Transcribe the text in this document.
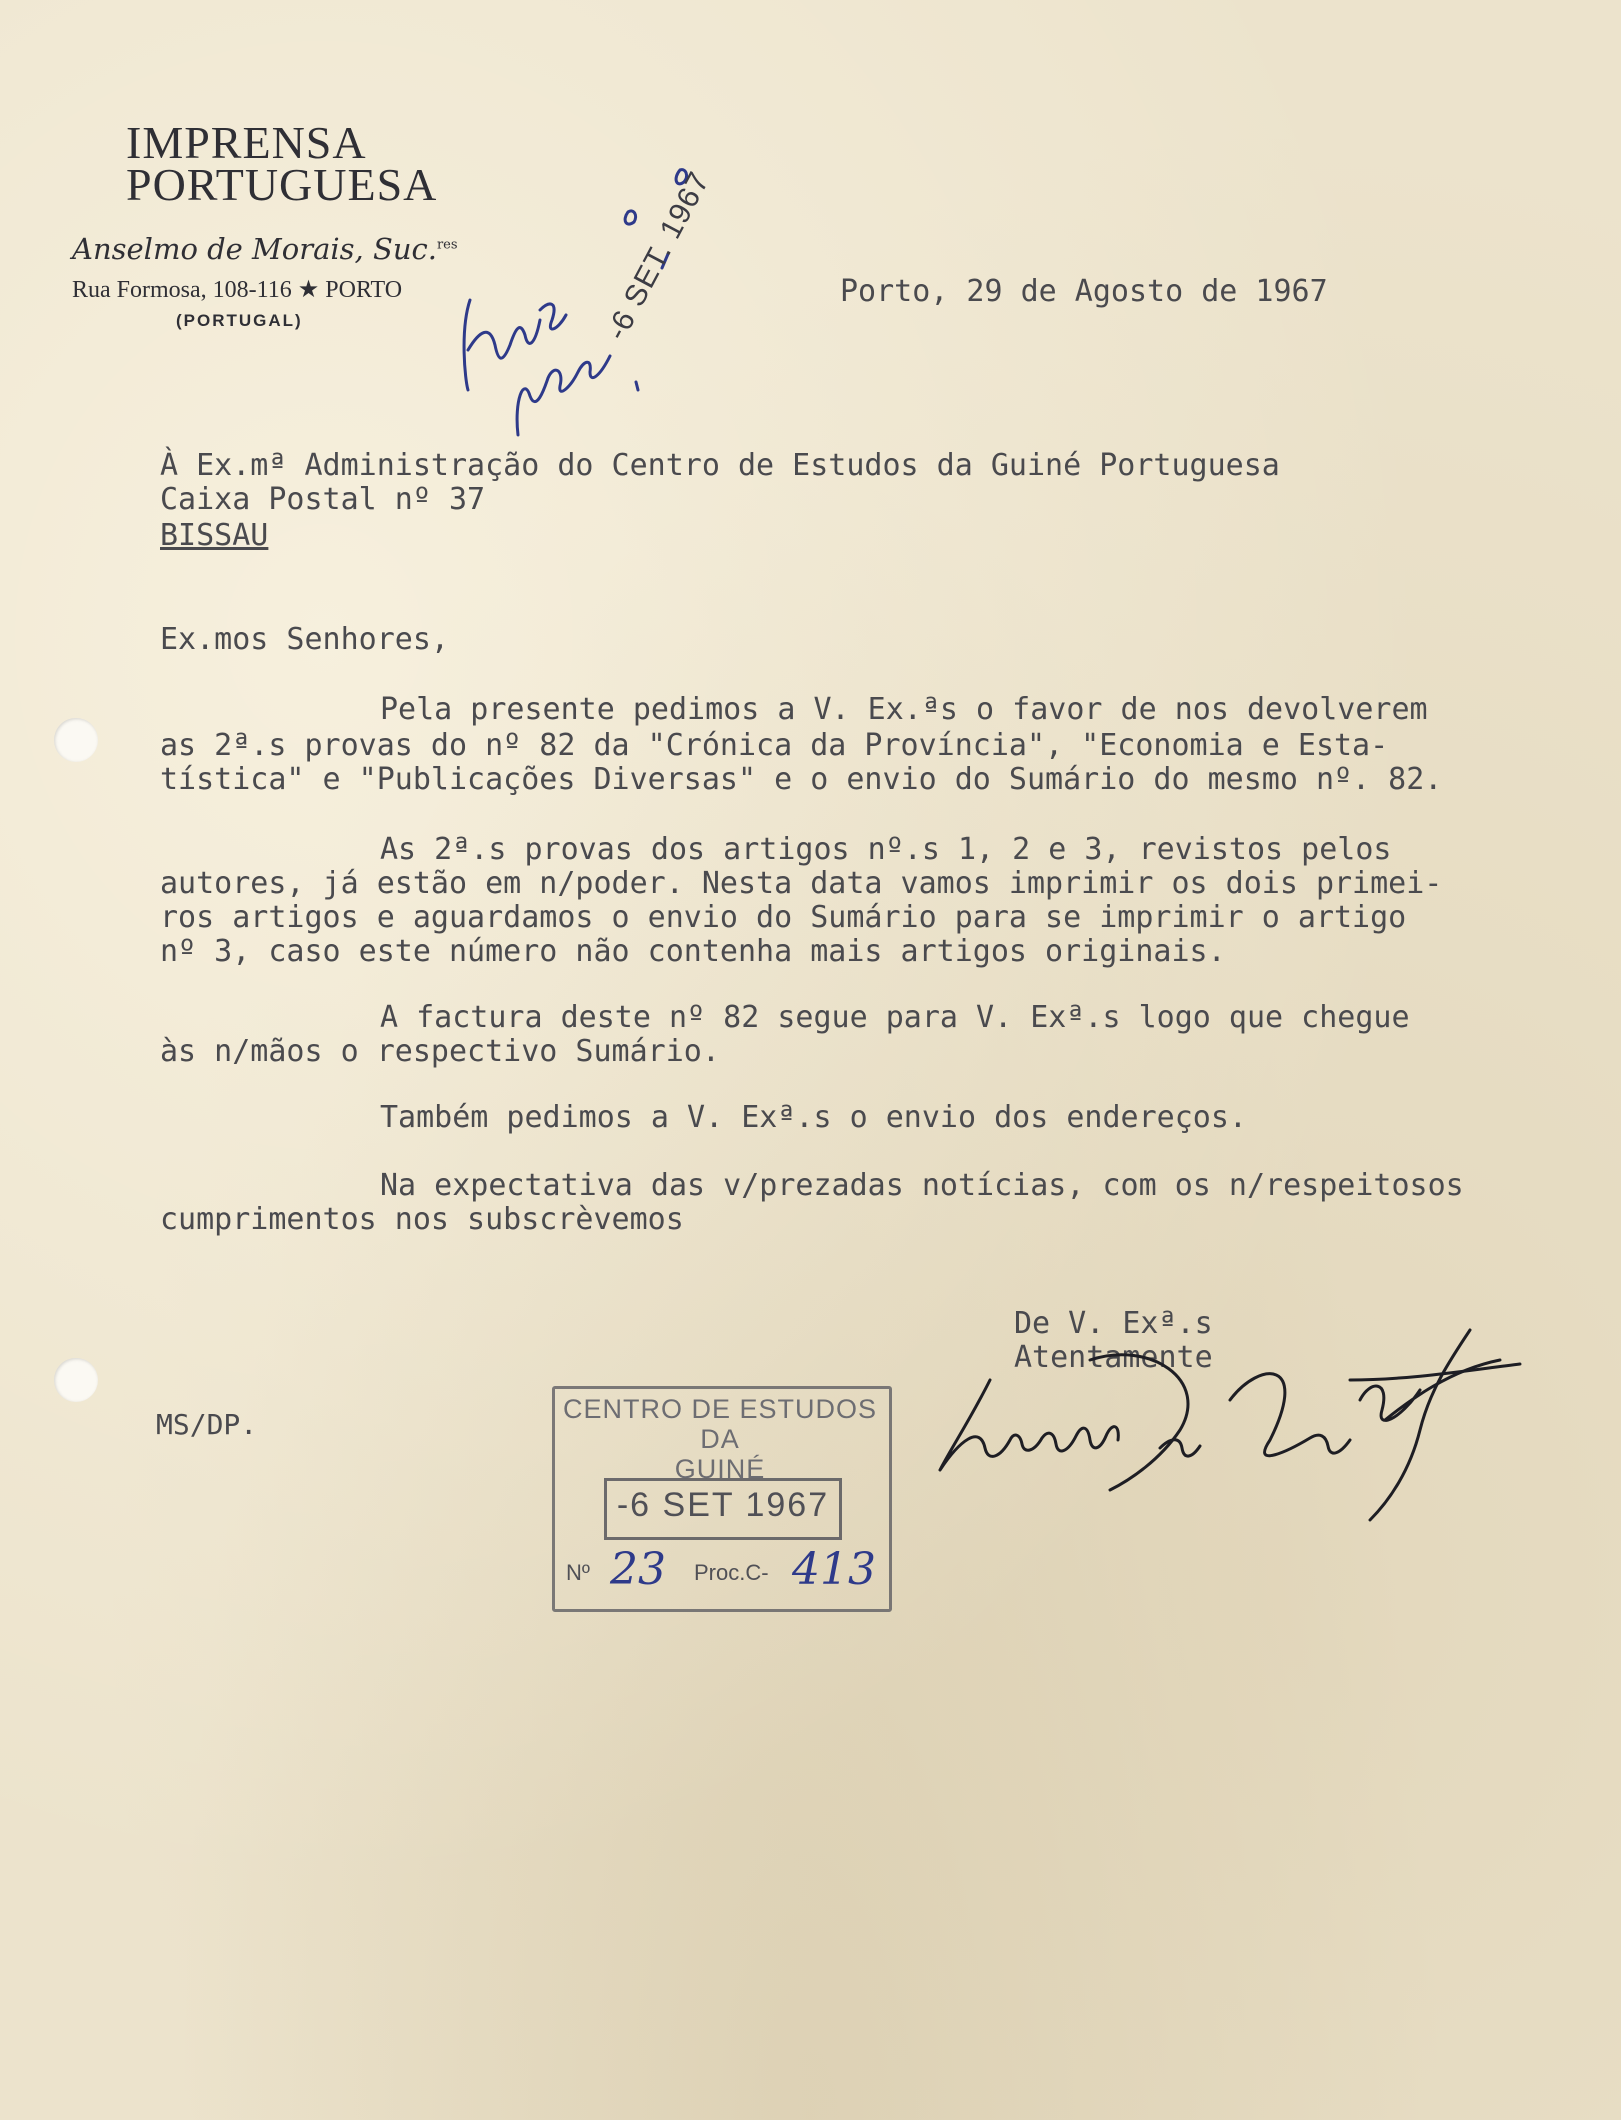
IMPRENSA
PORTUGUESA
Anselmo de Morais, Suc.$^{res}$
Rua Formosa, 108-116 ★ PORTO
(PORTUGAL)	-6 SET. 1967	Porto, 29 de Agosto de 1967
À Ex.mª Administração do Centro de Estudos da Guiné Portuguesa
Caixa Postal nº 37
BISSAU
Ex.mos Senhores,
Pela presente pedimos a V. Ex.ªs o favor de nos devolverem
as 2ª.s provas do nº 82 da "Crónica da Província", "Economia e Esta-
tística" e "Publicações Diversas" e o envio do Sumário do mesmo nº. 82.
As 2ª.s provas dos artigos nº.s 1, 2 e 3, revistos pelos
autores, já estão em n/poder. Nesta data vamos imprimir os dois primei-
ros artigos e aguardamos o envio do Sumário para se imprimir o artigo
nº 3, caso este número não contenha mais artigos originais.
A factura deste nº 82 segue para V. Exª.s logo que chegue
às n/mãos o respectivo Sumário.
Também pedimos a V. Exª.s o envio dos endereços.
Na expectativa das v/prezadas notícias, com os n/respeitosos
cumprimentos nos subscrèvemos
De V. Exª.s
Atentamente
MS/DP.	CENTRO DE ESTUDOS DA
GUINÉ
-6 SET 1967
Nº 23 Proc.C- 413
